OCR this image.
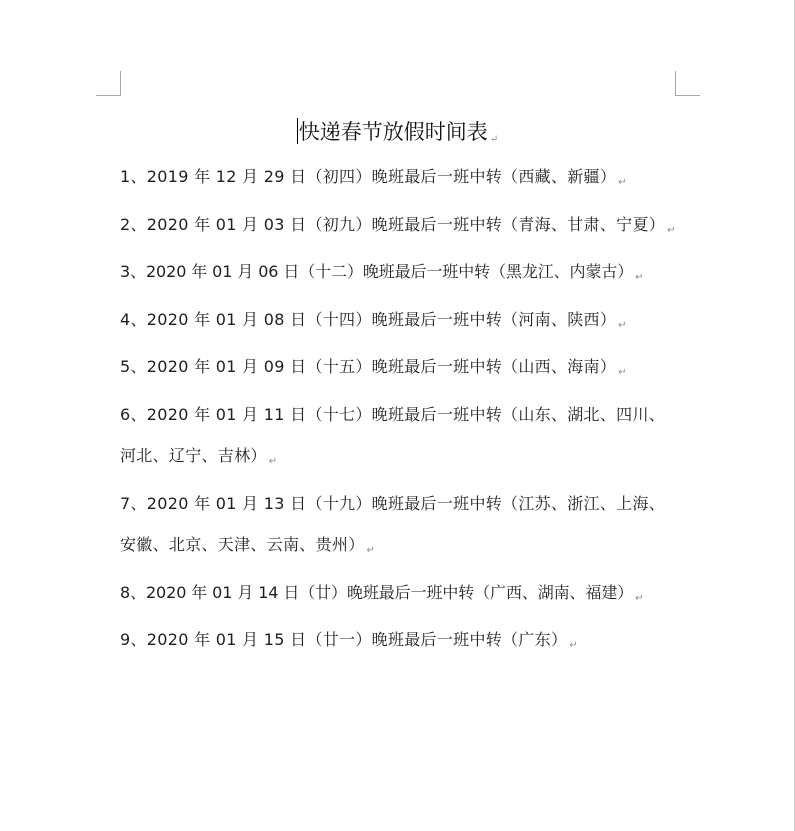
快递春节放假时间表 ↵

1、2019 年 12 月 29 日（初四）晚班最后一班中转（西藏、新疆） ↵

2、2020 年 01 月 03 日（初九）晚班最后一班中转（青海、甘肃、宁夏） ↵

3、2020 年 01 月 06 日（十二）晚班最后一班中转（黑龙江、内蒙古） ↵

4、2020 年 01 月 08 日（十四）晚班最后一班中转（河南、陕西） ↵

5、2020 年 01 月 09 日（十五）晚班最后一班中转（山西、海南） ↵

6、2020 年 01 月 11 日（十七）晚班最后一班中转（山东、湖北、四川、河北、辽宁、吉林） ↵

7、2020 年 01 月 13 日（十九）晚班最后一班中转（江苏、浙江、上海、安徽、北京、天津、云南、贵州） ↵

8、2020 年 01 月 14 日（廿）晚班最后一班中转（广西、湖南、福建） ↵

9、2020 年 01 月 15 日（廿一）晚班最后一班中转（广东） ↵
